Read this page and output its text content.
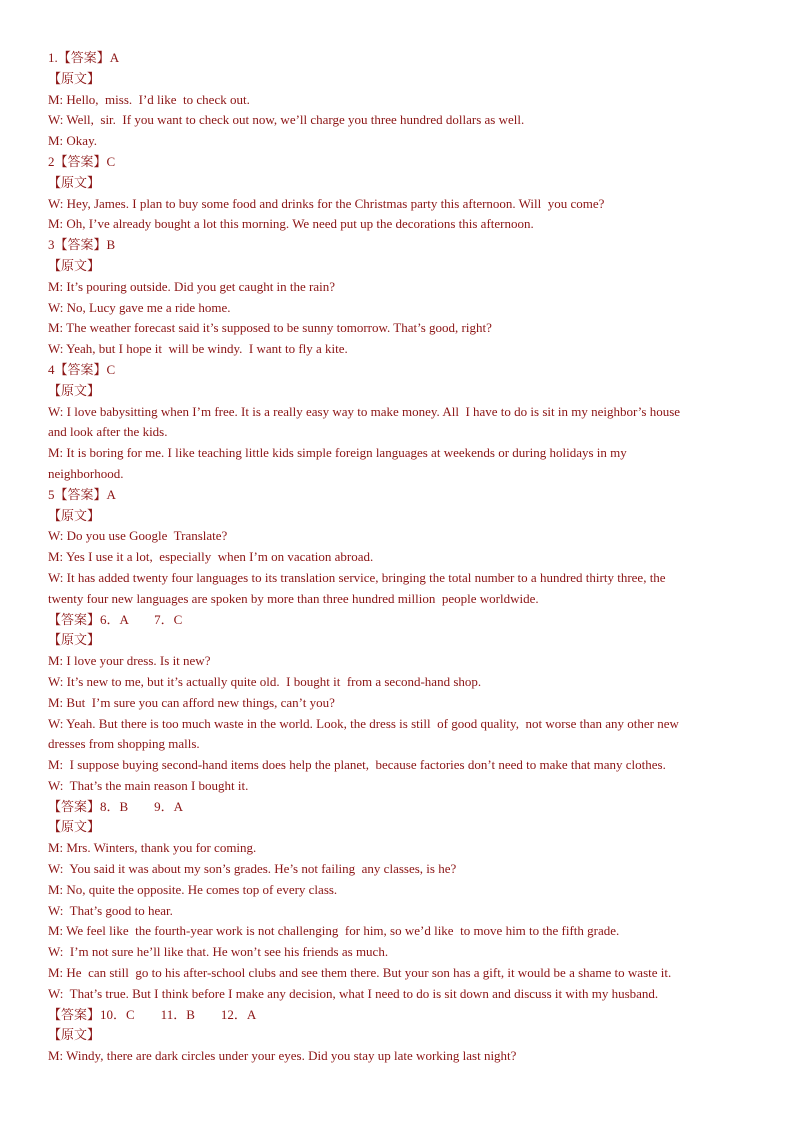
1.【答案】A
【原文】
M: Hello,  miss.  I’d like  to check out.
W: Well,  sir.  If you want to check out now, we’ll charge you three hundred dollars as well.
M: Okay.
2【答案】C
【原文】
W: Hey, James. I plan to buy some food and drinks for the Christmas party this afternoon. Will  you come?
M: Oh, I’ve already bought a lot this morning. We need put up the decorations this afternoon.
3【答案】B
【原文】
M: It’s pouring outside. Did you get caught in the rain?
W: No, Lucy gave me a ride home.
M: The weather forecast said it’s supposed to be sunny tomorrow. That’s good, right?
W: Yeah, but I hope it  will be windy.  I want to fly a kite.
4【答案】C
【原文】
W: I love babysitting when I’m free. It is a really easy way to make money. All  I have to do is sit in my neighbor’s house
and look after the kids.
M: It is boring for me. I like teaching little kids simple foreign languages at weekends or during holidays in my
neighborhood.
5【答案】A
【原文】
W: Do you use Google  Translate?
M: Yes I use it a lot,  especially  when I’m on vacation abroad.
W: It has added twenty four languages to its translation service, bringing the total number to a hundred thirty three, the
twenty four new languages are spoken by more than three hundred million  people worldwide.
【答案】6．A        7．C
【原文】
M: I love your dress. Is it new?
W: It’s new to me, but it’s actually quite old.  I bought it  from a second-hand shop.
M: But  I’m sure you can afford new things, can’t you?
W: Yeah. But there is too much waste in the world. Look, the dress is still  of good quality,  not worse than any other new
dresses from shopping malls.
M:  I suppose buying second-hand items does help the planet,  because factories don’t need to make that many clothes.
W:  That’s the main reason I bought it.
【答案】8．B        9．A
【原文】
M: Mrs. Winters, thank you for coming.
W:  You said it was about my son’s grades. He’s not failing  any classes, is he?
M: No, quite the opposite. He comes top of every class.
W:  That’s good to hear.
M: We feel like  the fourth-year work is not challenging  for him, so we’d like  to move him to the fifth grade.
W:  I’m not sure he’ll like that. He won’t see his friends as much.
M: He  can still  go to his after-school clubs and see them there. But your son has a gift, it would be a shame to waste it.
W:  That’s true. But I think before I make any decision, what I need to do is sit down and discuss it with my husband.
【答案】10．C        11．B        12．A
【原文】
M: Windy, there are dark circles under your eyes. Did you stay up late working last night?
